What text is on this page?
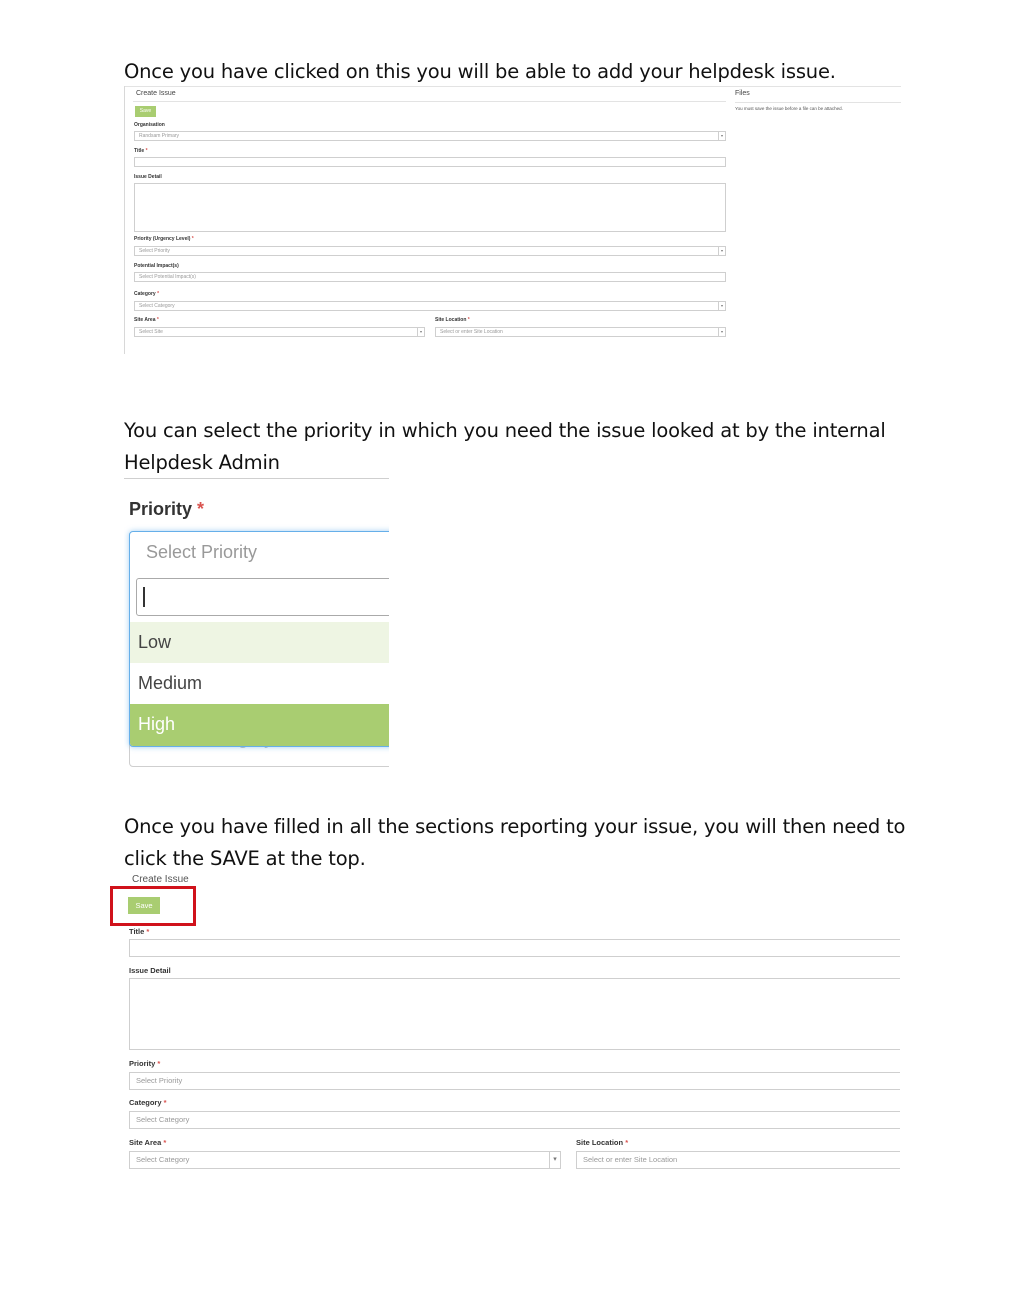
Once you have clicked on this you will be able to add your helpdesk issue.
You can select the priority in which you need the issue looked at by the internal Helpdesk Admin
Once you have filled in all the sections reporting your issue, you will then need to click the SAVE at the top.
Create Issue	Files
You must save the issue before a file can be attached.
Save
Organisation
Randsam Primary	▾
Title *
Issue Detail
Priority (Urgency Level) *
Select Priority	▾
Potential Impact(s)
Select Potential Impact(s)
Category *
Select Category	▾
Site Area *
Select Site	▾
Site Location *
Select or enter Site Location	▾
Priority *
Select Priority
Low
Medium
High
Create Issue
Save
Title *
Issue Detail
Priority *
Select Priority
Category *
Select Category
Site Area *
Select Category	▾
Site Location *
Select or enter Site Location
